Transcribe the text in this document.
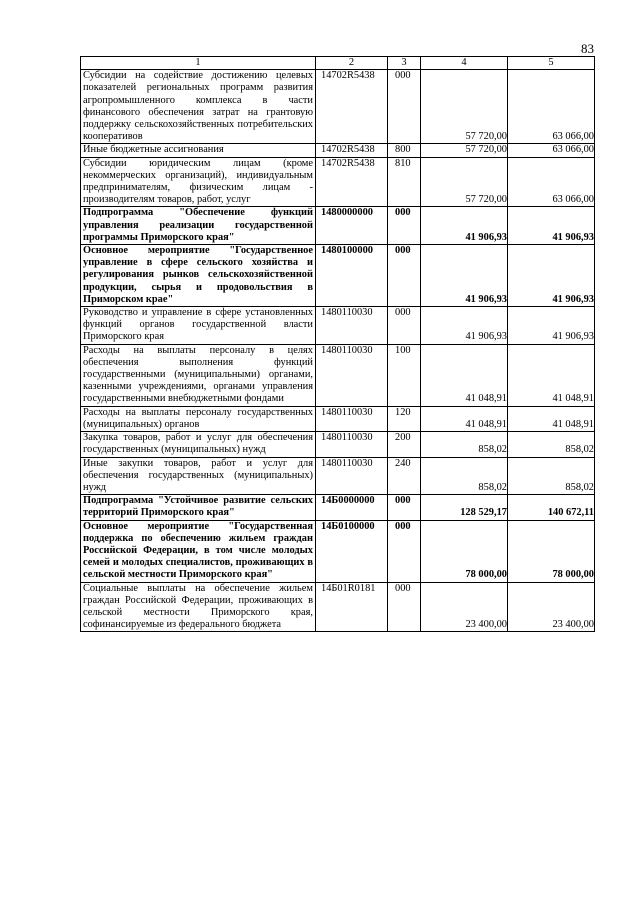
83
1	2	3	4	5
Субсидии на содействие достижению целевых показателей региональных программ развития агропромышленного комплекса в части финансового обеспечения затрат на грантовую поддержку сельскохозяйственных потребительских кооперативов	14702R5438	000	57 720,00	63 066,00
Иные бюджетные ассигнования	14702R5438	800	57 720,00	63 066,00
Субсидии юридическим лицам (кроме некоммерческих организаций), индивидуальным предпринимателям, физическим лицам - производителям товаров, работ, услуг	14702R5438	810	57 720,00	63 066,00
Подпрограмма "Обеспечение функций управления реализации государственной программы Приморского края"	1480000000	000	41 906,93	41 906,93
Основное мероприятие "Государственное управление в сфере сельского хозяйства и регулирования рынков сельскохозяйственной продукции, сырья и продовольствия в Приморском крае"	1480100000	000	41 906,93	41 906,93
Руководство и управление в сфере установленных функций органов государственной власти Приморского края	1480110030	000	41 906,93	41 906,93
Расходы на выплаты персоналу в целях обеспечения выполнения функций государственными (муниципальными) органами, казенными учреждениями, органами управления государственными внебюджетными фондами	1480110030	100	41 048,91	41 048,91
Расходы на выплаты персоналу государственных (муниципальных) органов	1480110030	120	41 048,91	41 048,91
Закупка товаров, работ и услуг для обеспечения государственных (муниципальных) нужд	1480110030	200	858,02	858,02
Иные закупки товаров, работ и услуг для обеспечения государственных (муниципальных) нужд	1480110030	240	858,02	858,02
Подпрограмма "Устойчивое развитие сельских территорий Приморского края"	14Б0000000	000	128 529,17	140 672,11
Основное мероприятие "Государственная поддержка по обеспечению жильем граждан Российской Федерации, в том числе молодых семей и молодых специалистов, проживающих в сельской местности Приморского края"	14Б0100000	000	78 000,00	78 000,00
Социальные выплаты на обеспечение жильем граждан Российской Федерации, проживающих в сельской местности Приморского края, софинансируемые из федерального бюджета	14Б01R0181	000	23 400,00	23 400,00
